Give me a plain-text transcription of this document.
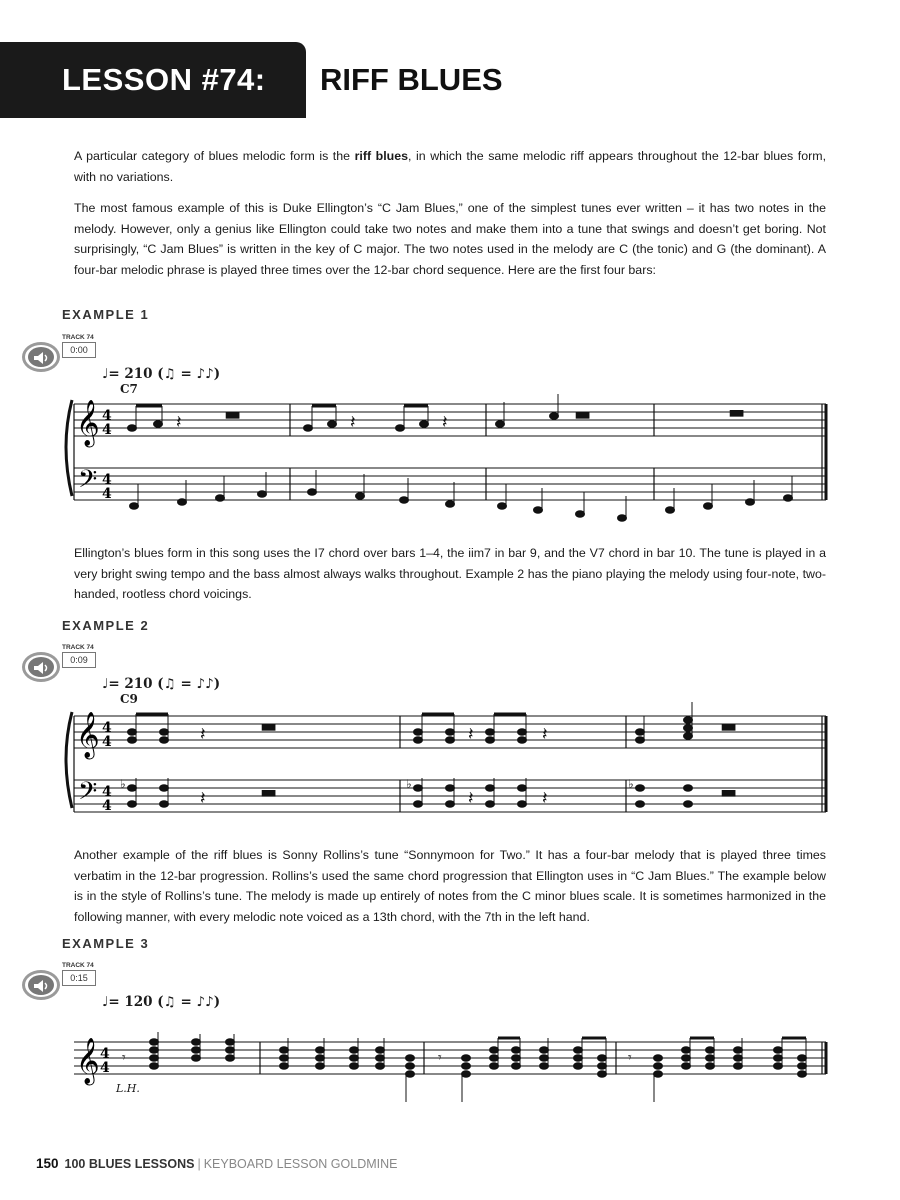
LESSON #74: RIFF BLUES

A particular category of blues melodic form is the riff blues, in which the same melodic riff appears throughout the 12-bar blues form, with no variations.

The most famous example of this is Duke Ellington’s “C Jam Blues,” one of the simplest tunes ever written – it has two notes in the melody. However, only a genius like Ellington could take two notes and make them into a tune that swings and doesn’t get boring. Not surprisingly, “C Jam Blues” is written in the key of C major. The two notes used in the melody are C (the tonic) and G (the dominant). A four-bar melodic phrase is played three times over the 12-bar chord sequence. Here are the first four bars:

EXAMPLE 1
TRACK 74
0:00
♩= 210 (♫ = ♪♪)
C7
𝄞
𝄢
4
4
4
4
𝄽 ▬	𝄽	𝄽	▬	▬

Ellington’s blues form in this song uses the I7 chord over bars 1–4, the iim7 in bar 9, and the V7 chord in bar 10. The tune is played in a very bright swing tempo and the bass almost always walks throughout. Example 2 has the piano playing the melody using four-note, two-handed, rootless chord voicings.

EXAMPLE 2
TRACK 74
0:09
♩= 210 (♫ = ♪♪)
C9
𝄞
𝄢
4
4
4
4
𝄽	▬	𝄽
𝄽	▬
𝄽	▬	𝄽	𝄽	▬
♭	♭	♭

Another example of the riff blues is Sonny Rollins’s tune “Sonnymoon for Two.” It has a four-bar melody that is played three times verbatim in the 12-bar progression. Rollins’s used the same chord progression that Ellington uses in “C Jam Blues.” The example below is in the style of Rollins’s tune. The melody is made up entirely of notes from the C minor blues scale. It is sometimes harmonized in the following manner, with every melodic note voiced as a 13th chord, with the 7th in the left hand.

EXAMPLE 3
TRACK 74
0:15
♩= 120 (♫ = ♪♪)
𝄞 4
4
𝄾	𝄾	𝄾
L.H.
150 100 BLUES LESSONS | KEYBOARD LESSON GOLDMINE
